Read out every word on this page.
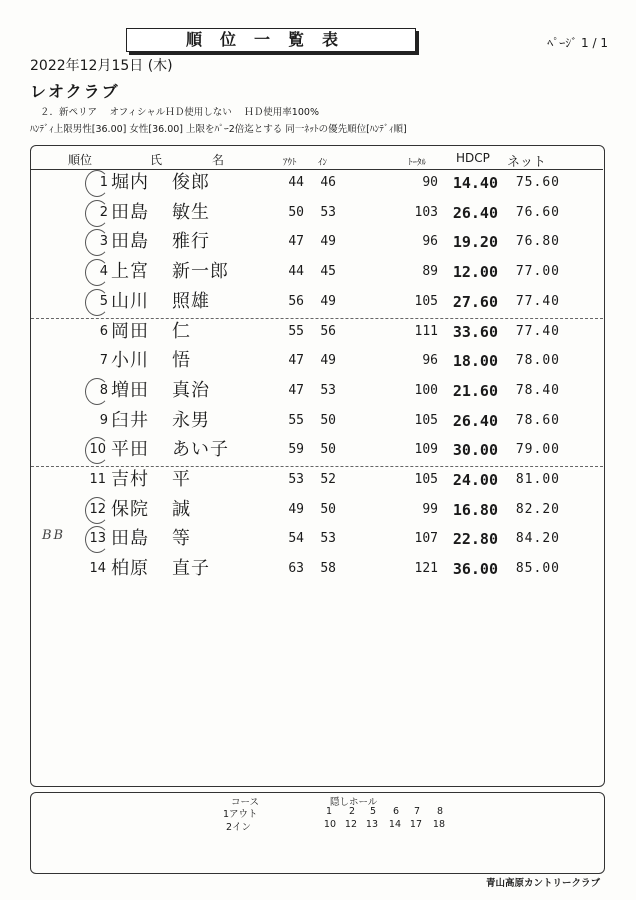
順位一覧表	ﾍﾟｰｼﾞ 1 / 1
2022年12月15日 (木)
レオクラブ
２．新ペリア　 オフィシャルＨＤ使用しない　 ＨＤ使用率100%
ﾊﾝﾃﾞｨ上限男性[36.00] 女性[36.00] 上限をﾊﾟｰ2倍迄とする 同一ﾈｯﾄの優先順位[ﾊﾝﾃﾞｨ順]
順位	氏	名	ｱｳﾄ ｲﾝ	ﾄｰﾀﾙ HDCP ネット
1 堀内 俊郎	44	46	90 14.40	75.60
2 田島 敏生	50	53	103 26.40	76.60
3 田島 雅行	47	49	96 19.20	76.80
4 上宮 新一郎	44	45	89 12.00	77.00
5 山川 照雄	56	49	105 27.60	77.40
6 岡田 仁	55	56	111 33.60	77.40
7 小川 悟	47	49	96 18.00	78.00
8 増田 真治	47	53	100 21.60	78.40
9 臼井 永男	55	50	105 26.40	78.60
10 平田 あい子	59	50	109 30.00	79.00
11 吉村 平	53	52	105 24.00	81.00
12 保院 誠	49	50	99 16.80	82.20
13 田島 等	54	53	107 22.80	84.20
14 柏原 直子	63	58	121 36.00	85.00
BB
コース	隠しホール
1アウト
2イン
1	2	5	6	7	8
10 12 13 14 17 18
青山高原カントリークラブ
